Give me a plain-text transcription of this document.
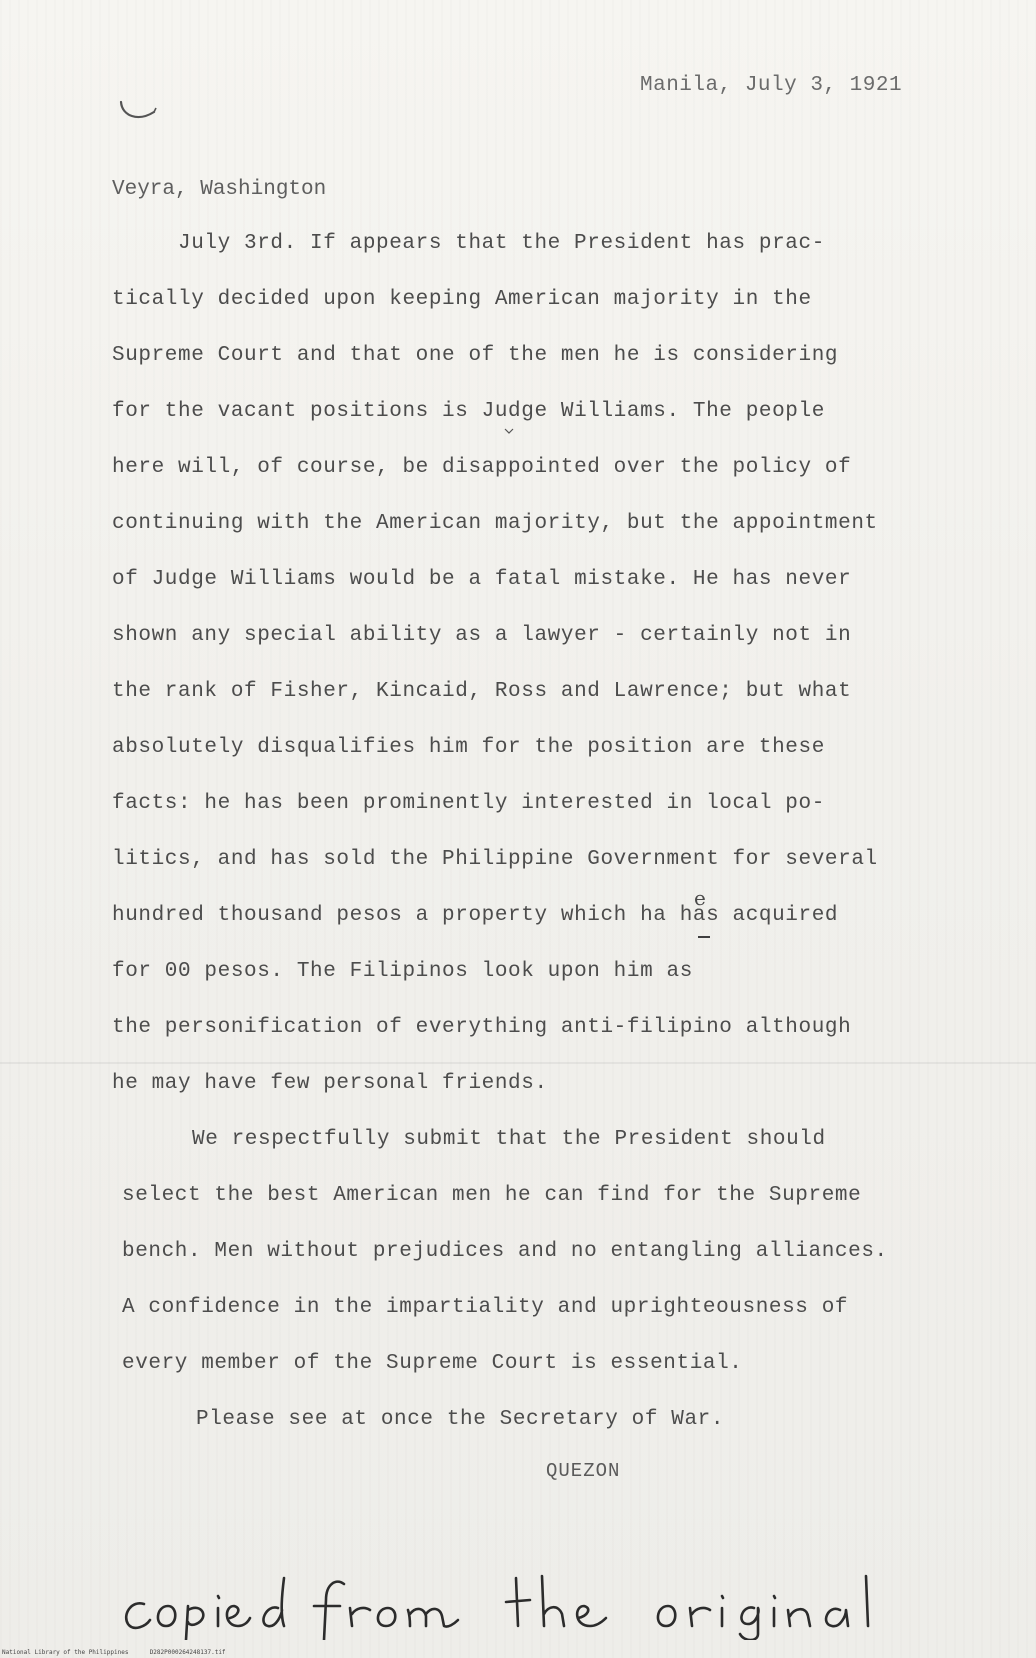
Manila, July 3, 1921
Veyra, Washington
July 3rd. If appears that the President has prac-
tically decided upon keeping American majority in the
Supreme Court and that one of the men he is considering
for the vacant positions is Judge Williams. The people
here will, of course, be disappointed over the policy of
continuing with the American majority, but the appointment
of Judge Williams would be a fatal mistake. He has never
shown any special ability as a lawyer - certainly not in
the rank of Fisher, Kincaid, Ross and Lawrence; but what
absolutely disqualifies him for the position are these
facts: he has been prominently interested in local po-
litics, and has sold the Philippine Government for several
hundred thousand pesos a property which ha has acquired
for 00 pesos. The Filipinos look upon him as
the personification of everything anti-filipino although
he may have few personal friends.
e
We respectfully submit that the President should
select the best American men he can find for the Supreme
bench. Men without prejudices and no entangling alliances.
A confidence in the impartiality and uprighteousness of
every member of the Supreme Court is essential.
Please see at once the Secretary of War.
QUEZON
National Library of the Philippines	D282P000264248137.tif
